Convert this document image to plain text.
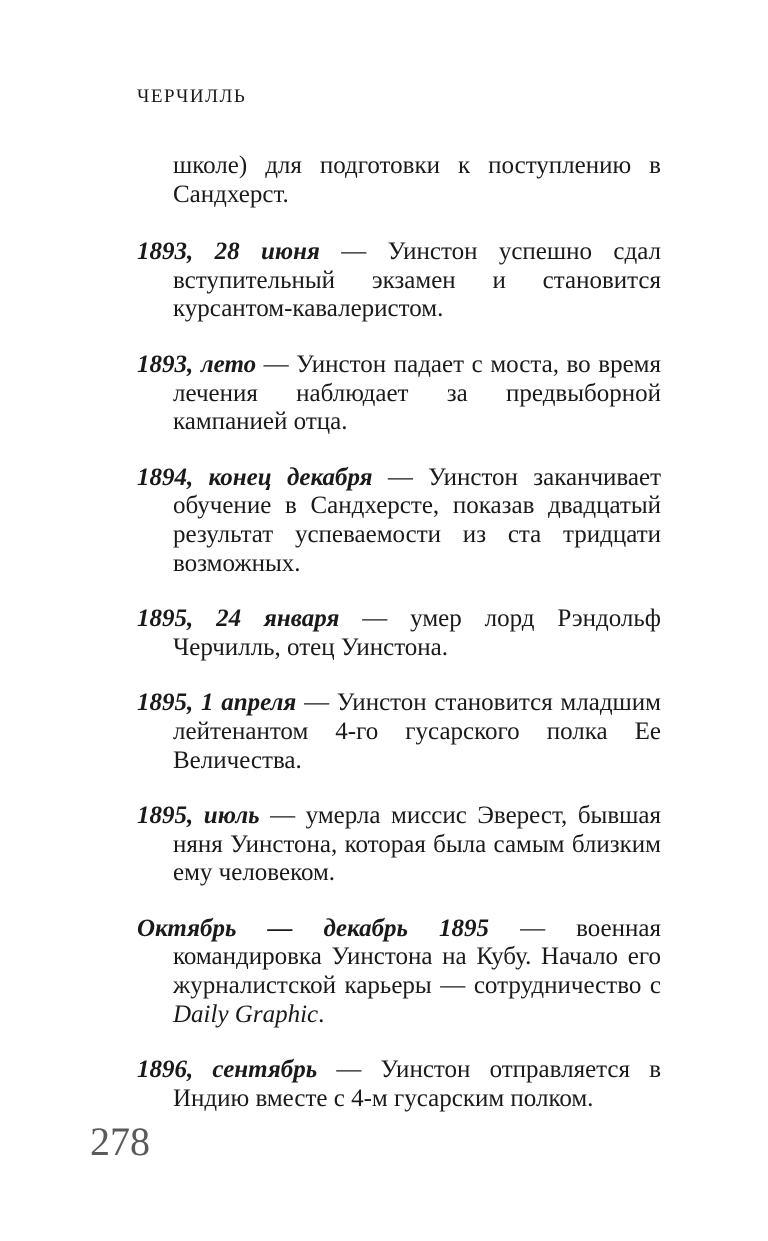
ЧЕРЧИЛЛЬ

школе) для подготовки к поступлению в Сандхерст.

1893, 28 июня — Уинстон успешно сдал вступительный экзамен и становится курсантом-кавалеристом.

1893, лето — Уинстон падает с моста, во время лечения наблюдает за предвыборной кампанией отца.

1894, конец декабря — Уинстон заканчивает обучение в Сандхерсте, показав двадцатый результат успеваемости из ста тридцати возможных.

1895, 24 января — умер лорд Рэндольф Черчилль, отец Уинстона.

1895, 1 апреля — Уинстон становится младшим лейтенантом 4-го гусарского полка Ее Величества.

1895, июль — умерла миссис Эверест, бывшая няня Уинстона, которая была самым близким ему человеком.

Октябрь — декабрь 1895 — военная командировка Уинстона на Кубу. Начало его журналистской карьеры — сотрудничество с Daily Graphic.

1896, сентябрь — Уинстон отправляется в Индию вместе с 4-м гусарским полком.

278
